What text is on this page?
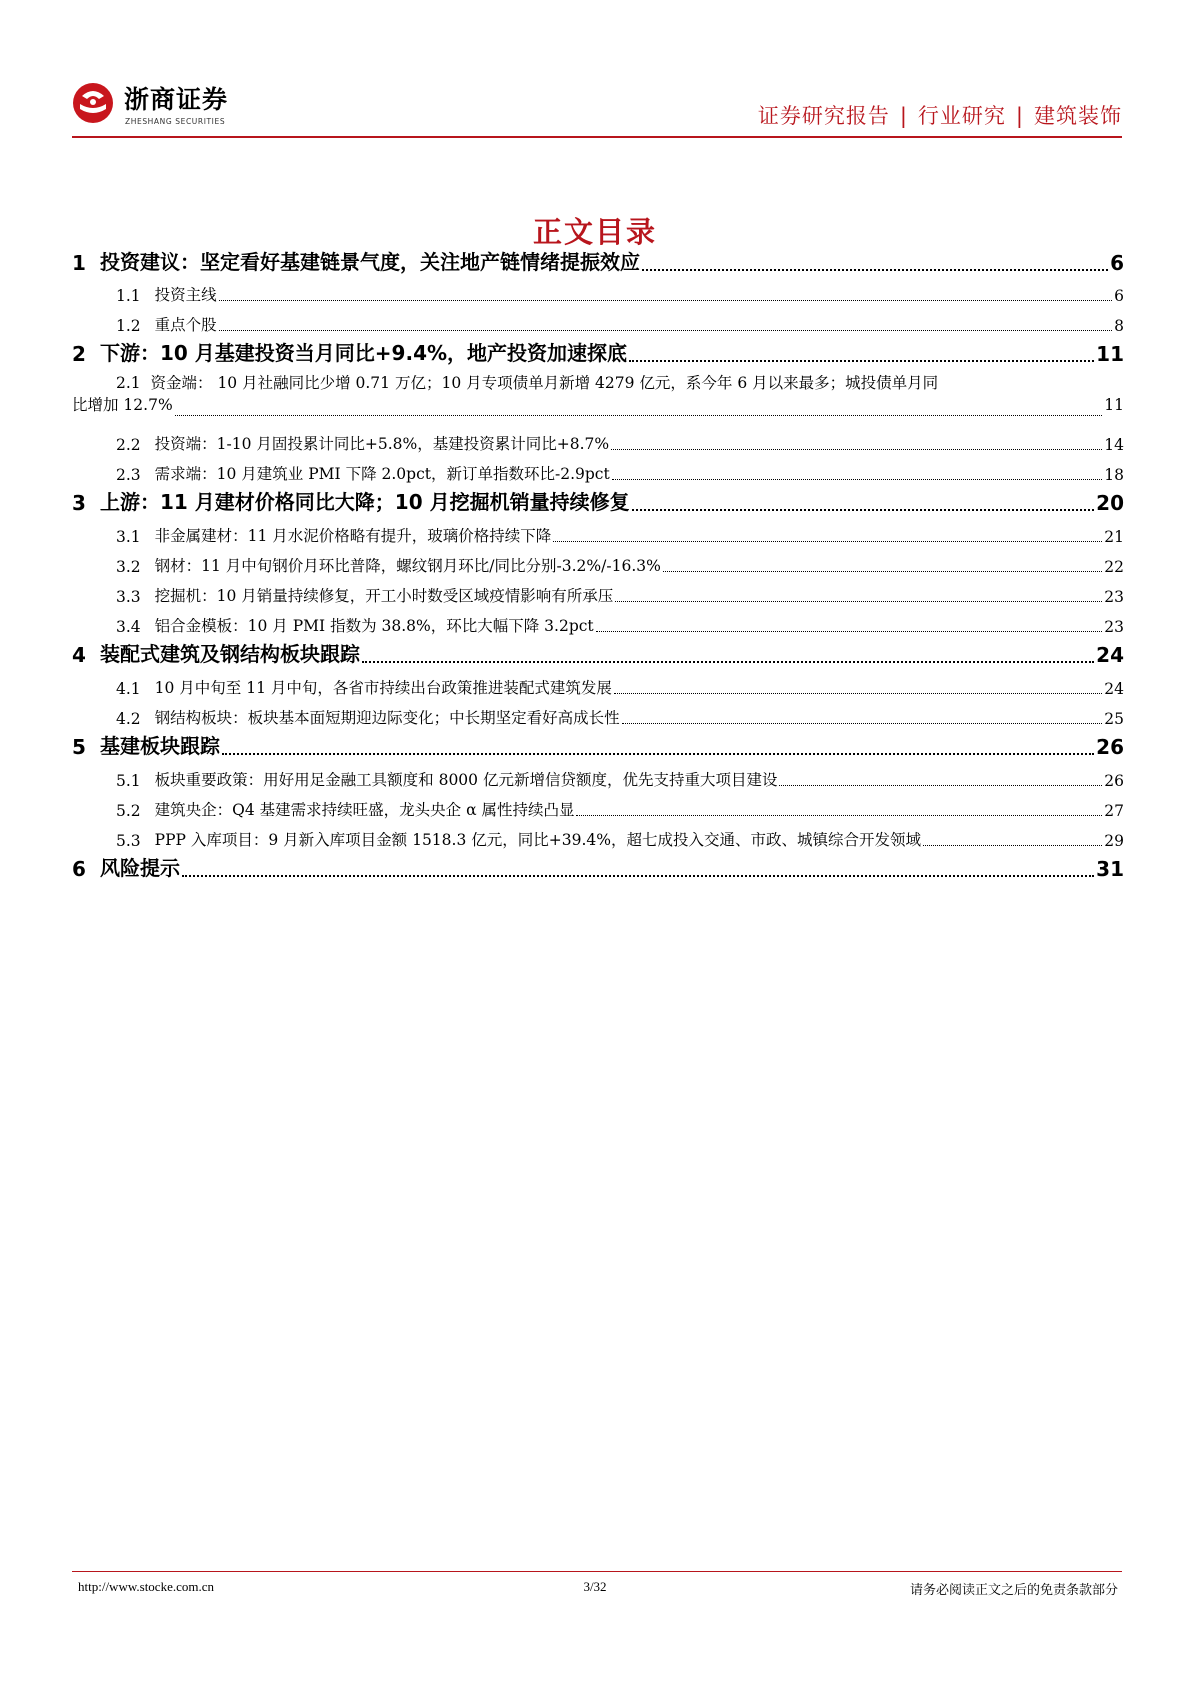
浙商证券
ZHESHANG SECURITIES	证券研究报告 | 行业研究 | 建筑装饰
正文目录
1 投资建议：坚定看好基建链景气度，关注地产链情绪提振效应	6
1.1 投资主线	6
1.2 重点个股	8
2 下游：10 月基建投资当月同比+9.4%，地产投资加速探底	11
2.1 资金端： 10 月社融同比少增 0.71 万亿；10 月专项债单月新增 4279 亿元，系今年 6 月以来最多；城投债单月同
比增加 12.7%	11
2.2 投资端：1-10 月固投累计同比+5.8%，基建投资累计同比+8.7%	14
2.3 需求端：10 月建筑业 PMI 下降 2.0pct，新订单指数环比-2.9pct	18
3 上游：11 月建材价格同比大降；10 月挖掘机销量持续修复	20
3.1 非金属建材：11 月水泥价格略有提升，玻璃价格持续下降	21
3.2 钢材：11 月中旬钢价月环比普降，螺纹钢月环比/同比分别-3.2%/-16.3%	22
3.3 挖掘机：10 月销量持续修复，开工小时数受区域疫情影响有所承压	23
3.4 铝合金模板：10 月 PMI 指数为 38.8%，环比大幅下降 3.2pct	23
4 装配式建筑及钢结构板块跟踪	24
4.1 10 月中旬至 11 月中旬，各省市持续出台政策推进装配式建筑发展	24
4.2 钢结构板块：板块基本面短期迎边际变化；中长期坚定看好高成长性	25
5 基建板块跟踪	26
5.1 板块重要政策：用好用足金融工具额度和 8000 亿元新增信贷额度，优先支持重大项目建设	26
5.2 建筑央企：Q4 基建需求持续旺盛，龙头央企 α 属性持续凸显	27
5.3 PPP 入库项目：9 月新入库项目金额 1518.3 亿元，同比+39.4%，超七成投入交通、市政、城镇综合开发领域	29
6 风险提示	31
http://www.stocke.com.cn	3/32	请务必阅读正文之后的免责条款部分
